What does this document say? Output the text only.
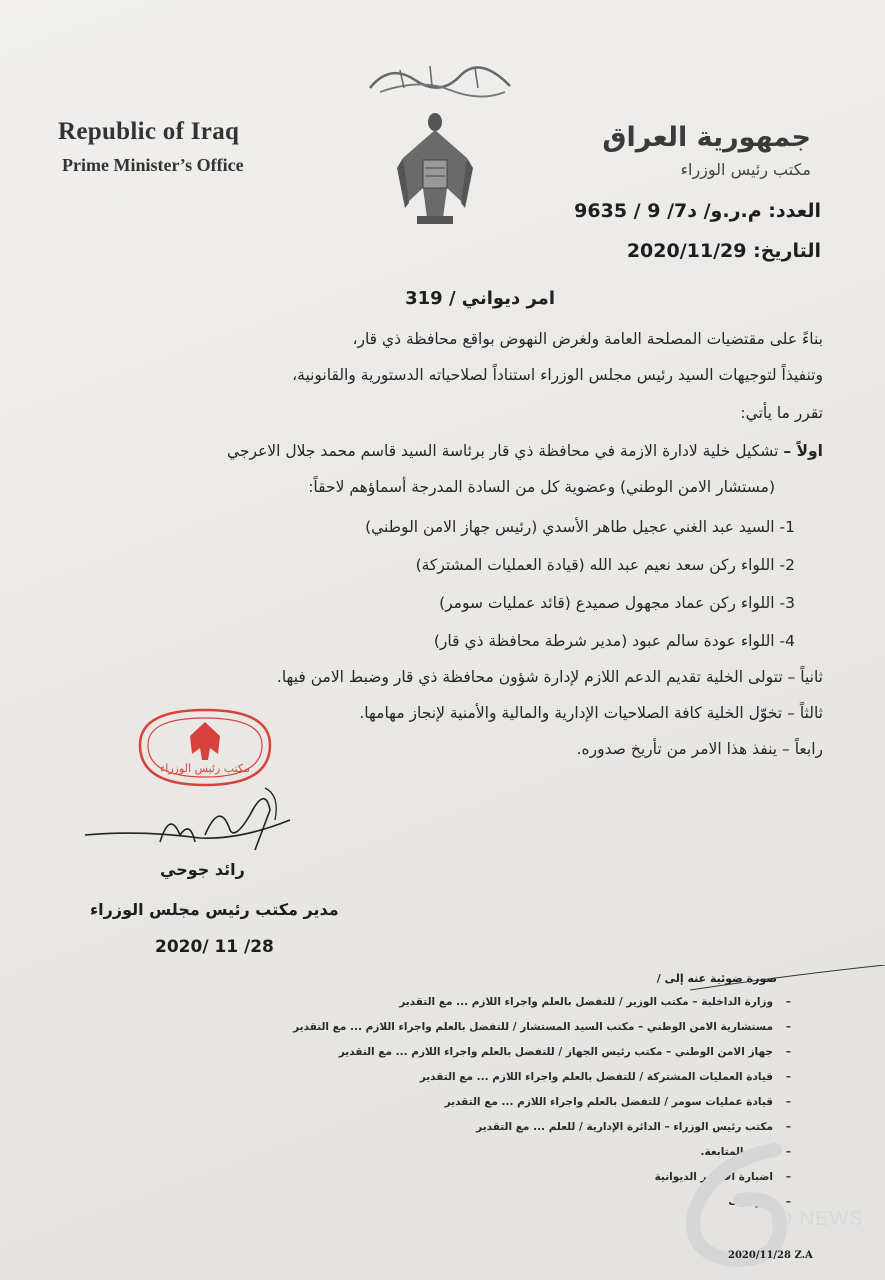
Republic of Iraq
Prime Minister’s Office
جمهورية العراق
مكتب رئيس الوزراء
العدد: م.ر.و/ د7/ 9 / 9635
التاريخ: 2020/11/29
امر ديواني / 319
بناءً على مقتضيات المصلحة العامة ولغرض النهوض بواقع محافظة ذي قار،
وتنفيذاً لتوجيهات السيد رئيس مجلس الوزراء استناداً لصلاحياته الدستورية والقانونية،
تقرر ما يأتي:
اولاً – تشكيل خلية لادارة الازمة في محافظة ذي قار برئاسة السيد قاسم محمد جلال الاعرجي
(مستشار الامن الوطني) وعضوية كل من السادة المدرجة أسماؤهم لاحقاً:
1- السيد عبد الغني عجيل طاهر الأسدي (رئيس جهاز الامن الوطني)
2- اللواء ركن سعد نعيم عبد الله (قيادة العمليات المشتركة)
3- اللواء ركن عماد مجهول صميدع (قائد عمليات سومر)
4- اللواء عودة سالم عبود (مدير شرطة محافظة ذي قار)
ثانياً – تتولى الخلية تقديم الدعم اللازم لإدارة شؤون محافظة ذي قار وضبط الامن فيها.
ثالثاً – تخوّل الخلية كافة الصلاحيات الإدارية والمالية والأمنية لإنجاز مهامها.
رابعاً – ينفذ هذا الامر من تأريخ صدوره.
مكتب رئيس الوزراء
رائد جوحي
مدير مكتب رئيس مجلس الوزراء
2020/ 11 /28
صورة ضوئية عنه إلى /
–
وزارة الداخلية – مكتب الوزير / للتفضل بالعلم واجراء اللازم ... مع التقدير
–
مستشارية الامن الوطني – مكتب السيد المستشار / للتفضل بالعلم واجراء اللازم ... مع التقدير
–
جهاز الامن الوطني – مكتب رئيس الجهاز / للتفضل بالعلم واجراء اللازم ... مع التقدير
–
قيادة العمليات المشتركة / للتفضل بالعلم واجراء اللازم ... مع التقدير
–
قيادة عمليات سومر / للتفضل بالعلم واجراء اللازم ... مع التقدير
–
مكتب رئيس الوزراء – الدائرة الإدارية / للعلم ... مع التقدير
–
قسم المتابعة.
–
اضبارة الأوامر الديوانية
–
الارشيف
IQ NEWS
2020/11/28 Z.A
